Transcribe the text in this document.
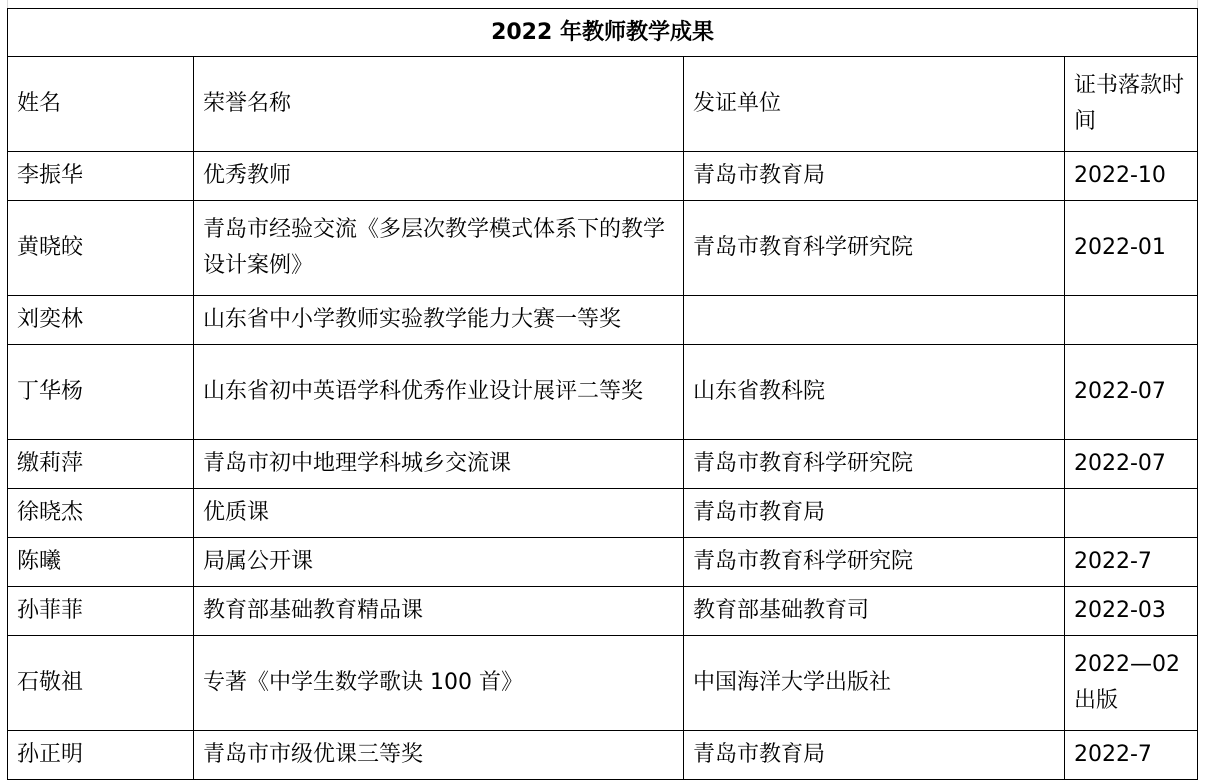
2022 年教师教学成果			
姓名	荣誉名称	发证单位	证书落款时间
李振华	优秀教师	青岛市教育局	2022-10
黄晓皎	青岛市经验交流《多层次教学模式体系下的教学设计案例》	青岛市教育科学研究院	2022-01
刘奕林	山东省中小学教师实验教学能力大赛一等奖		
丁华杨	山东省初中英语学科优秀作业设计展评二等奖	山东省教科院	2022-07
缴莉萍	青岛市初中地理学科城乡交流课	青岛市教育科学研究院	2022-07
徐晓杰	优质课	青岛市教育局	
陈曦	局属公开课	青岛市教育科学研究院	2022-7
孙菲菲	教育部基础教育精品课	教育部基础教育司	2022-03
石敬祖	专著《中学生数学歌诀 100 首》	中国海洋大学出版社	2022—02出版
孙正明	青岛市市级优课三等奖	青岛市教育局	2022-7
